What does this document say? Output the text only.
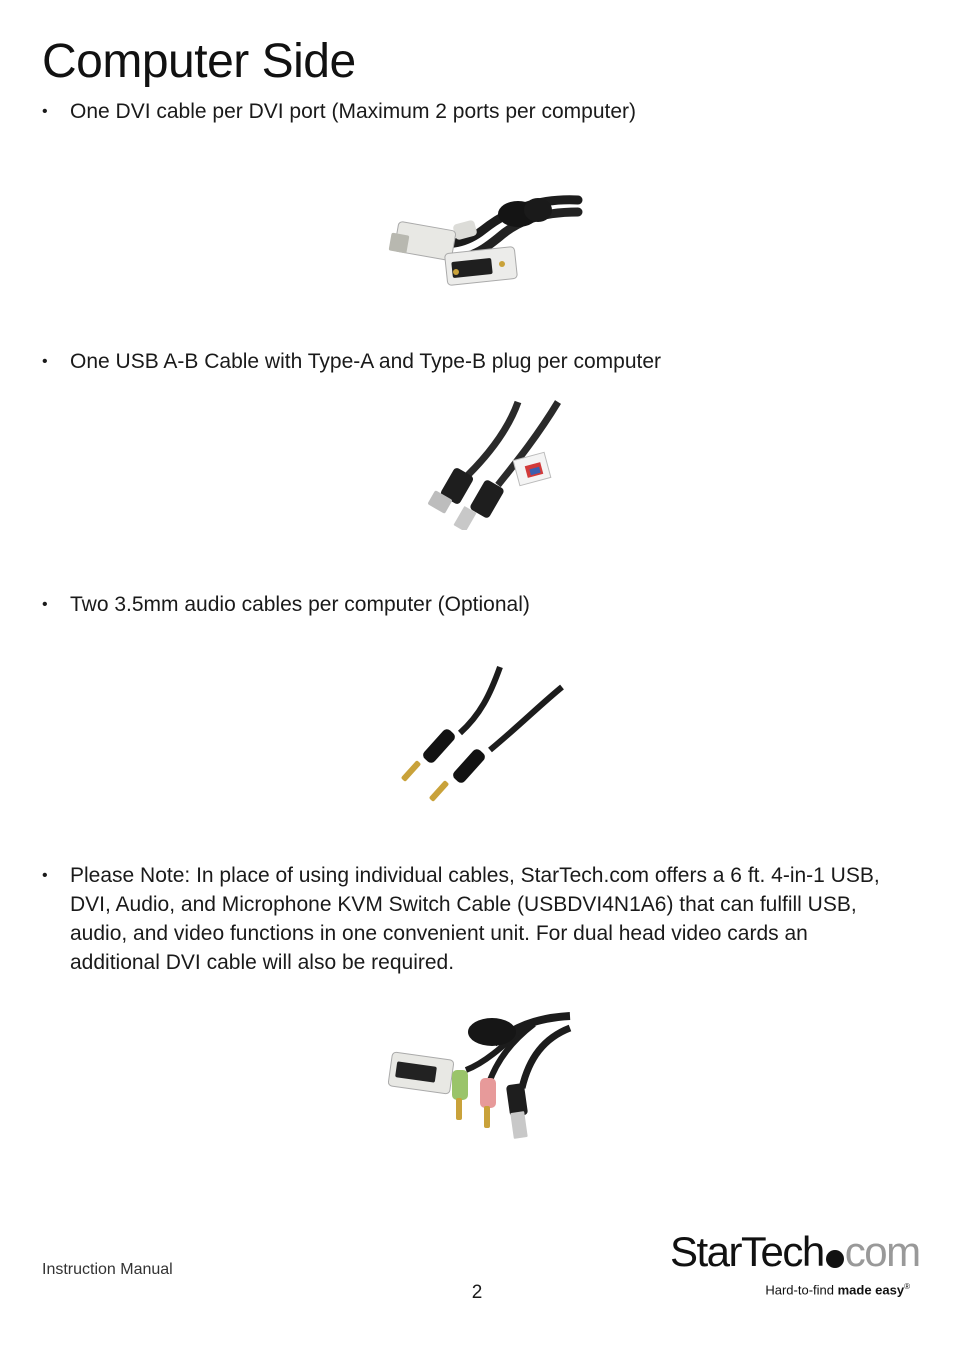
Computer Side
• One DVI cable per DVI port (Maximum 2 ports per computer)
• One USB A-B Cable with Type-A and Type-B plug per computer
• Two 3.5mm audio cables per computer (Optional)
• Please Note: In place of using individual cables, StarTech.com offers a 6 ft. 4-in-1 USB, DVI, Audio, and Microphone KVM Switch Cable (USBDVI4N1A6) that can fulfill USB, audio, and video functions in one convenient unit. For dual head video cards an additional DVI cable will also be required.
Instruction Manual
2
StarTech com
Hard-to-find made easy®
